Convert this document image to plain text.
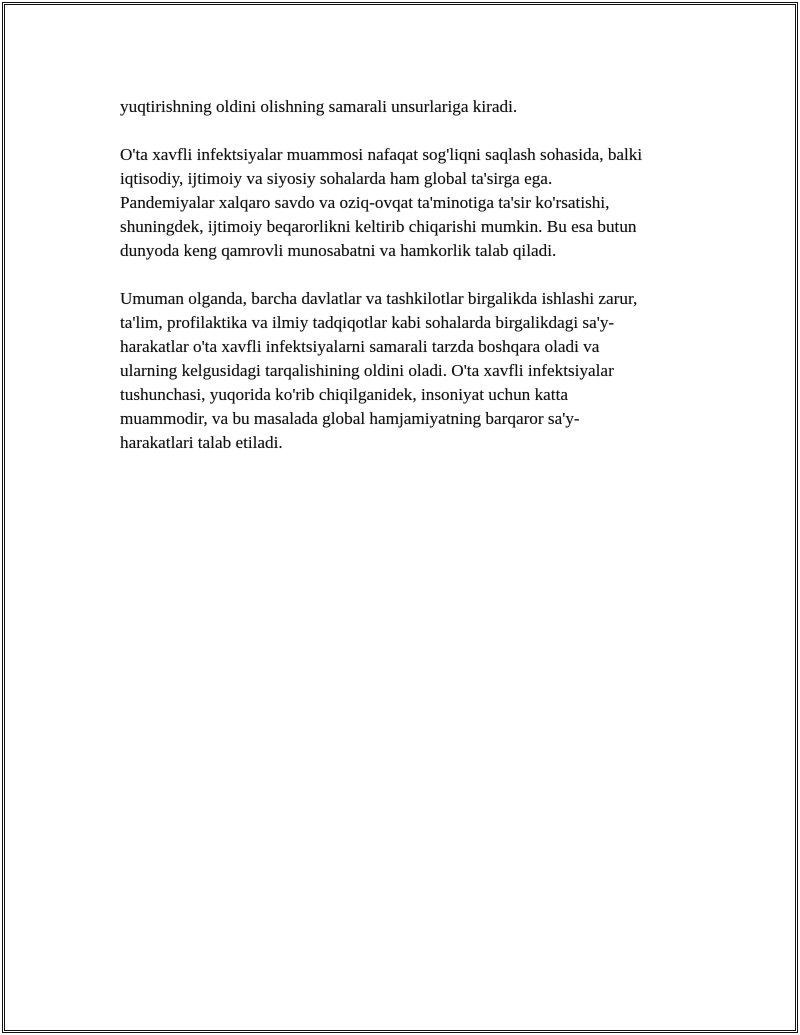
yuqtirishning oldini olishning samarali unsurlariga kiradi.

O'ta xavfli infektsiyalar muammosi nafaqat sog'liqni saqlash sohasida, balki
iqtisodiy, ijtimoiy va siyosiy sohalarda ham global ta'sirga ega.
Pandemiyalar xalqaro savdo va oziq-ovqat ta'minotiga ta'sir ko'rsatishi,
shuningdek, ijtimoiy beqarorlikni keltirib chiqarishi mumkin. Bu esa butun
dunyoda keng qamrovli munosabatni va hamkorlik talab qiladi.

Umuman olganda, barcha davlatlar va tashkilotlar birgalikda ishlashi zarur,
ta'lim, profilaktika va ilmiy tadqiqotlar kabi sohalarda birgalikdagi sa'y-
harakatlar o'ta xavfli infektsiyalarni samarali tarzda boshqara oladi va
ularning kelgusidagi tarqalishining oldini oladi. O'ta xavfli infektsiyalar
tushunchasi, yuqorida ko'rib chiqilganidek, insoniyat uchun katta
muammodir, va bu masalada global hamjamiyatning barqaror sa'y-
harakatlari talab etiladi.
